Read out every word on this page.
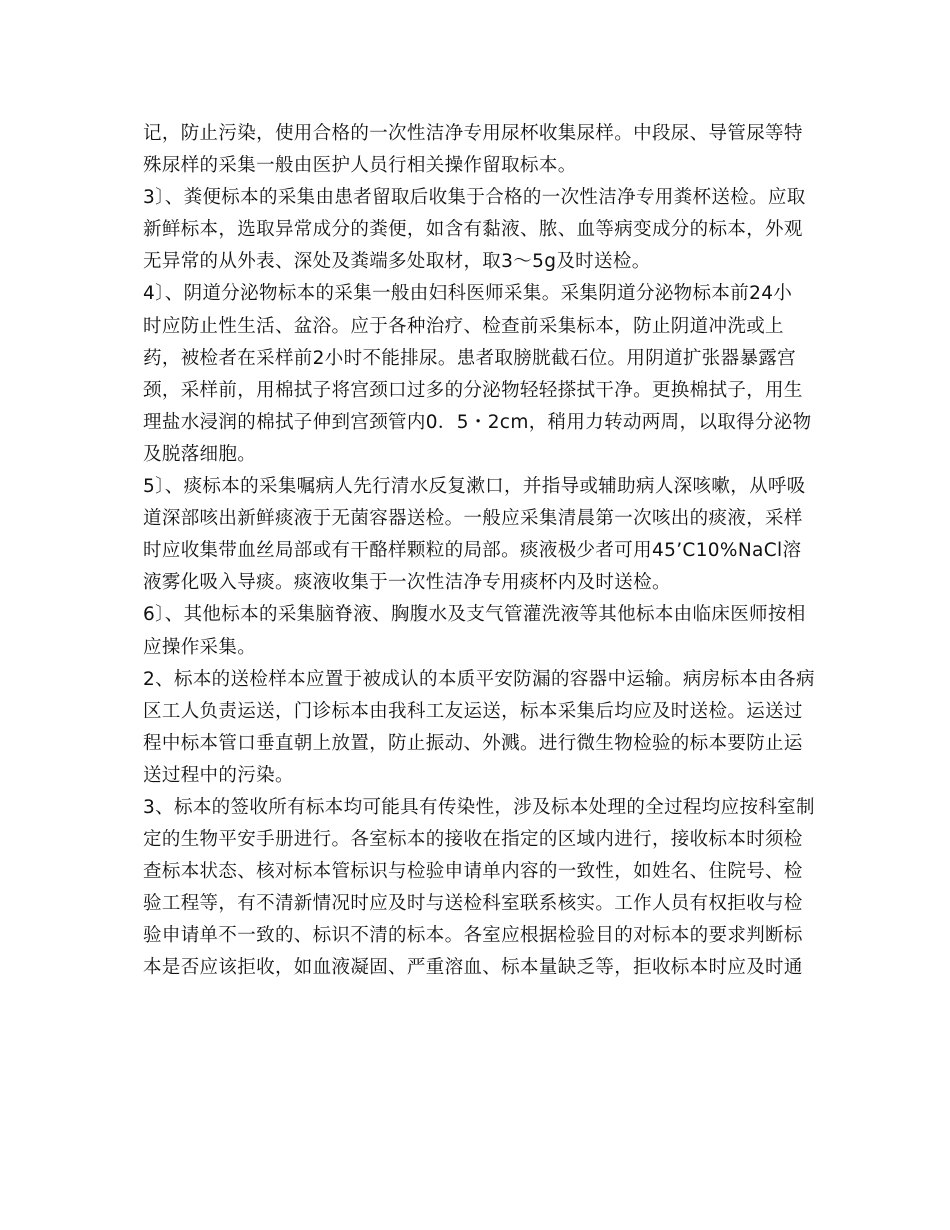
记，防止污染，使用合格的一次性洁净专用尿杯收集尿样。中段尿、导管尿等特
殊尿样的采集一般由医护人员行相关操作留取标本。

3〕、粪便标本的采集由患者留取后收集于合格的一次性洁净专用粪杯送检。应取
新鲜标本，选取异常成分的粪便，如含有黏液、脓、血等病变成分的标本，外观
无异常的从外表、深处及粪端多处取材，取3～5g及时送检。

4〕、阴道分泌物标本的采集一般由妇科医师采集。采集阴道分泌物标本前24小
时应防止性生活、盆浴。应于各种治疗、检查前采集标本，防止阴道冲洗或上
药，被检者在采样前2小时不能排尿。患者取膀胱截石位。用阴道扩张器暴露宫
颈，采样前，用棉拭子将宫颈口过多的分泌物轻轻搽拭干净。更换棉拭子，用生
理盐水浸润的棉拭子伸到宫颈管内0．5・2cm，稍用力转动两周，以取得分泌物
及脱落细胞。

5〕、痰标本的采集嘱病人先行清水反复漱口，并指导或辅助病人深咳嗽，从呼吸
道深部咳出新鲜痰液于无菌容器送检。一般应采集清晨第一次咳出的痰液，采样
时应收集带血丝局部或有干酪样颗粒的局部。痰液极少者可用45’C10%NaCl溶
液雾化吸入导痰。痰液收集于一次性洁净专用痰杯内及时送检。

6〕、其他标本的采集脑脊液、胸腹水及支气管灌洗液等其他标本由临床医师按相
应操作采集。

2、标本的送检样本应置于被成认的本质平安防漏的容器中运输。病房标本由各病
区工人负责运送，门诊标本由我科工友运送，标本采集后均应及时送检。运送过
程中标本管口垂直朝上放置，防止振动、外溅。进行微生物检验的标本要防止运
送过程中的污染。

3、标本的签收所有标本均可能具有传染性，涉及标本处理的全过程均应按科室制
定的生物平安手册进行。各室标本的接收在指定的区域内进行，接收标本时须检
查标本状态、核对标本管标识与检验申请单内容的一致性，如姓名、住院号、检
验工程等，有不清新情况时应及时与送检科室联系核实。工作人员有权拒收与检
验申请单不一致的、标识不清的标本。各室应根据检验目的对标本的要求判断标
本是否应该拒收，如血液凝固、严重溶血、标本量缺乏等，拒收标本时应及时通
